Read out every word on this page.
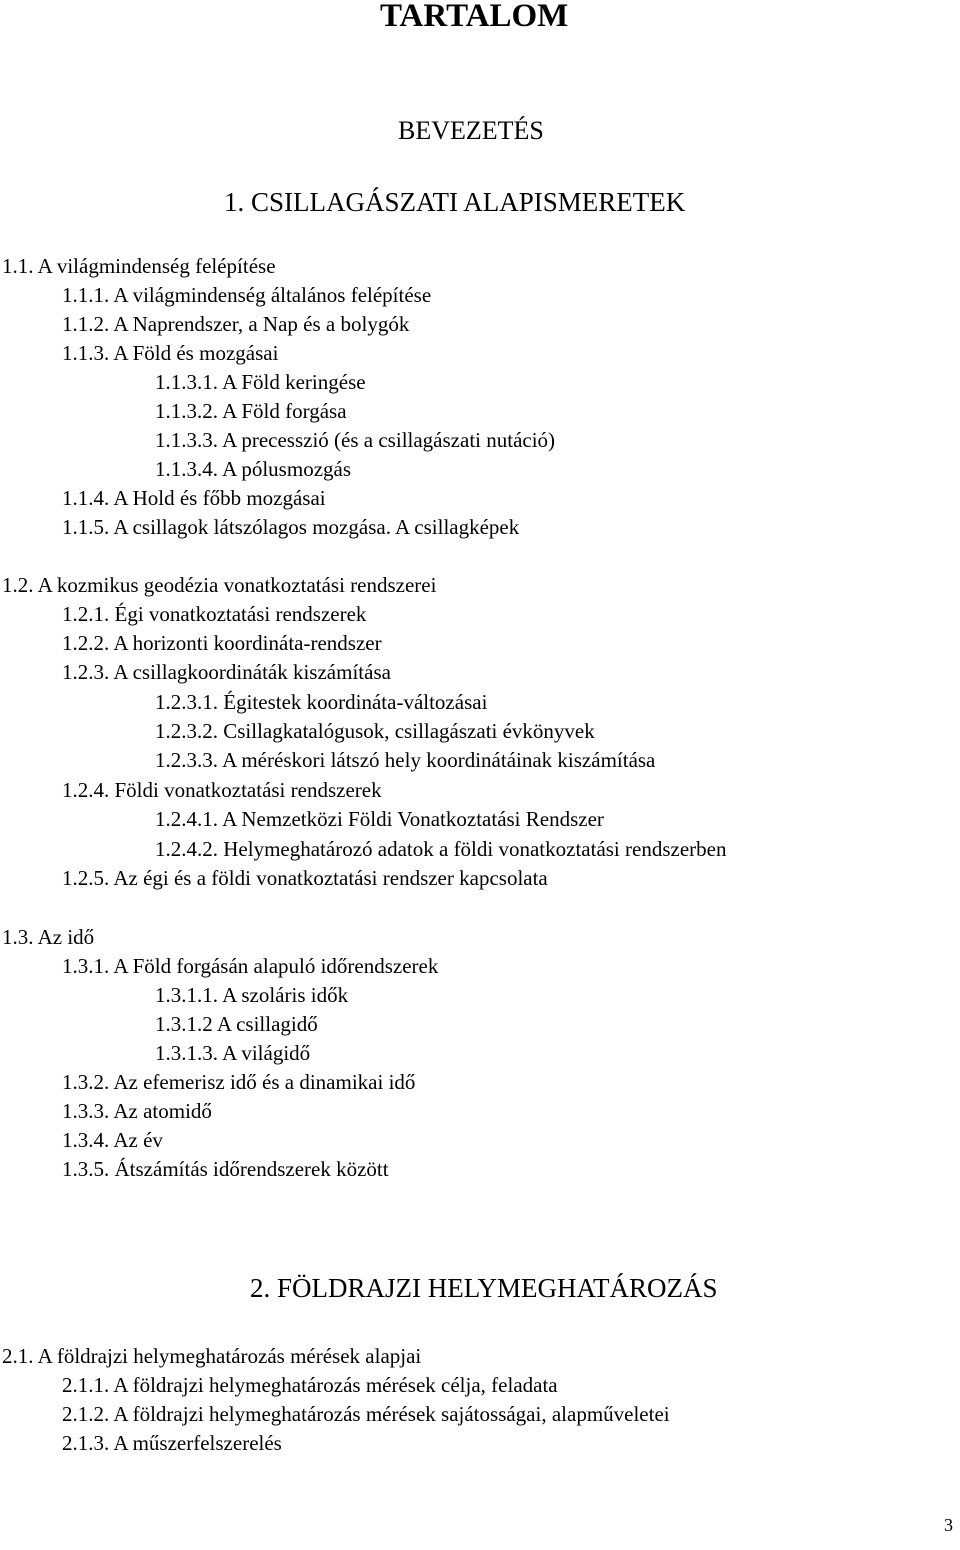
TARTALOM
BEVEZETÉS
1. CSILLAGÁSZATI ALAPISMERETEK
1.1. A világmindenség felépítése
1.1.1. A világmindenség általános felépítése
1.1.2. A Naprendszer, a Nap és a bolygók
1.1.3. A Föld és mozgásai
1.1.3.1. A Föld keringése
1.1.3.2. A Föld forgása
1.1.3.3. A precesszió (és a csillagászati nutáció)
1.1.3.4. A pólusmozgás
1.1.4. A Hold és főbb mozgásai
1.1.5. A csillagok látszólagos mozgása. A csillagképek
1.2. A kozmikus geodézia vonatkoztatási rendszerei
1.2.1. Égi vonatkoztatási rendszerek
1.2.2. A horizonti koordináta-rendszer
1.2.3. A csillagkoordináták kiszámítása
1.2.3.1. Égitestek koordináta-változásai
1.2.3.2. Csillagkatalógusok, csillagászati évkönyvek
1.2.3.3. A méréskori látszó hely koordinátáinak kiszámítása
1.2.4. Földi vonatkoztatási rendszerek
1.2.4.1. A Nemzetközi Földi Vonatkoztatási Rendszer
1.2.4.2. Helymeghatározó adatok a földi vonatkoztatási rendszerben
1.2.5. Az égi és a földi vonatkoztatási rendszer kapcsolata
1.3. Az idő
1.3.1. A Föld forgásán alapuló időrendszerek
1.3.1.1. A szoláris idők
1.3.1.2 A csillagidő
1.3.1.3. A világidő
1.3.2. Az efemerisz idő és a dinamikai idő
1.3.3. Az atomidő
1.3.4. Az év
1.3.5. Átszámítás időrendszerek között
2. FÖLDRAJZI HELYMEGHATÁROZÁS
2.1. A földrajzi helymeghatározás mérések alapjai
2.1.1. A földrajzi helymeghatározás mérések célja, feladata
2.1.2. A földrajzi helymeghatározás mérések sajátosságai, alapműveletei
2.1.3. A műszerfelszerelés
3
